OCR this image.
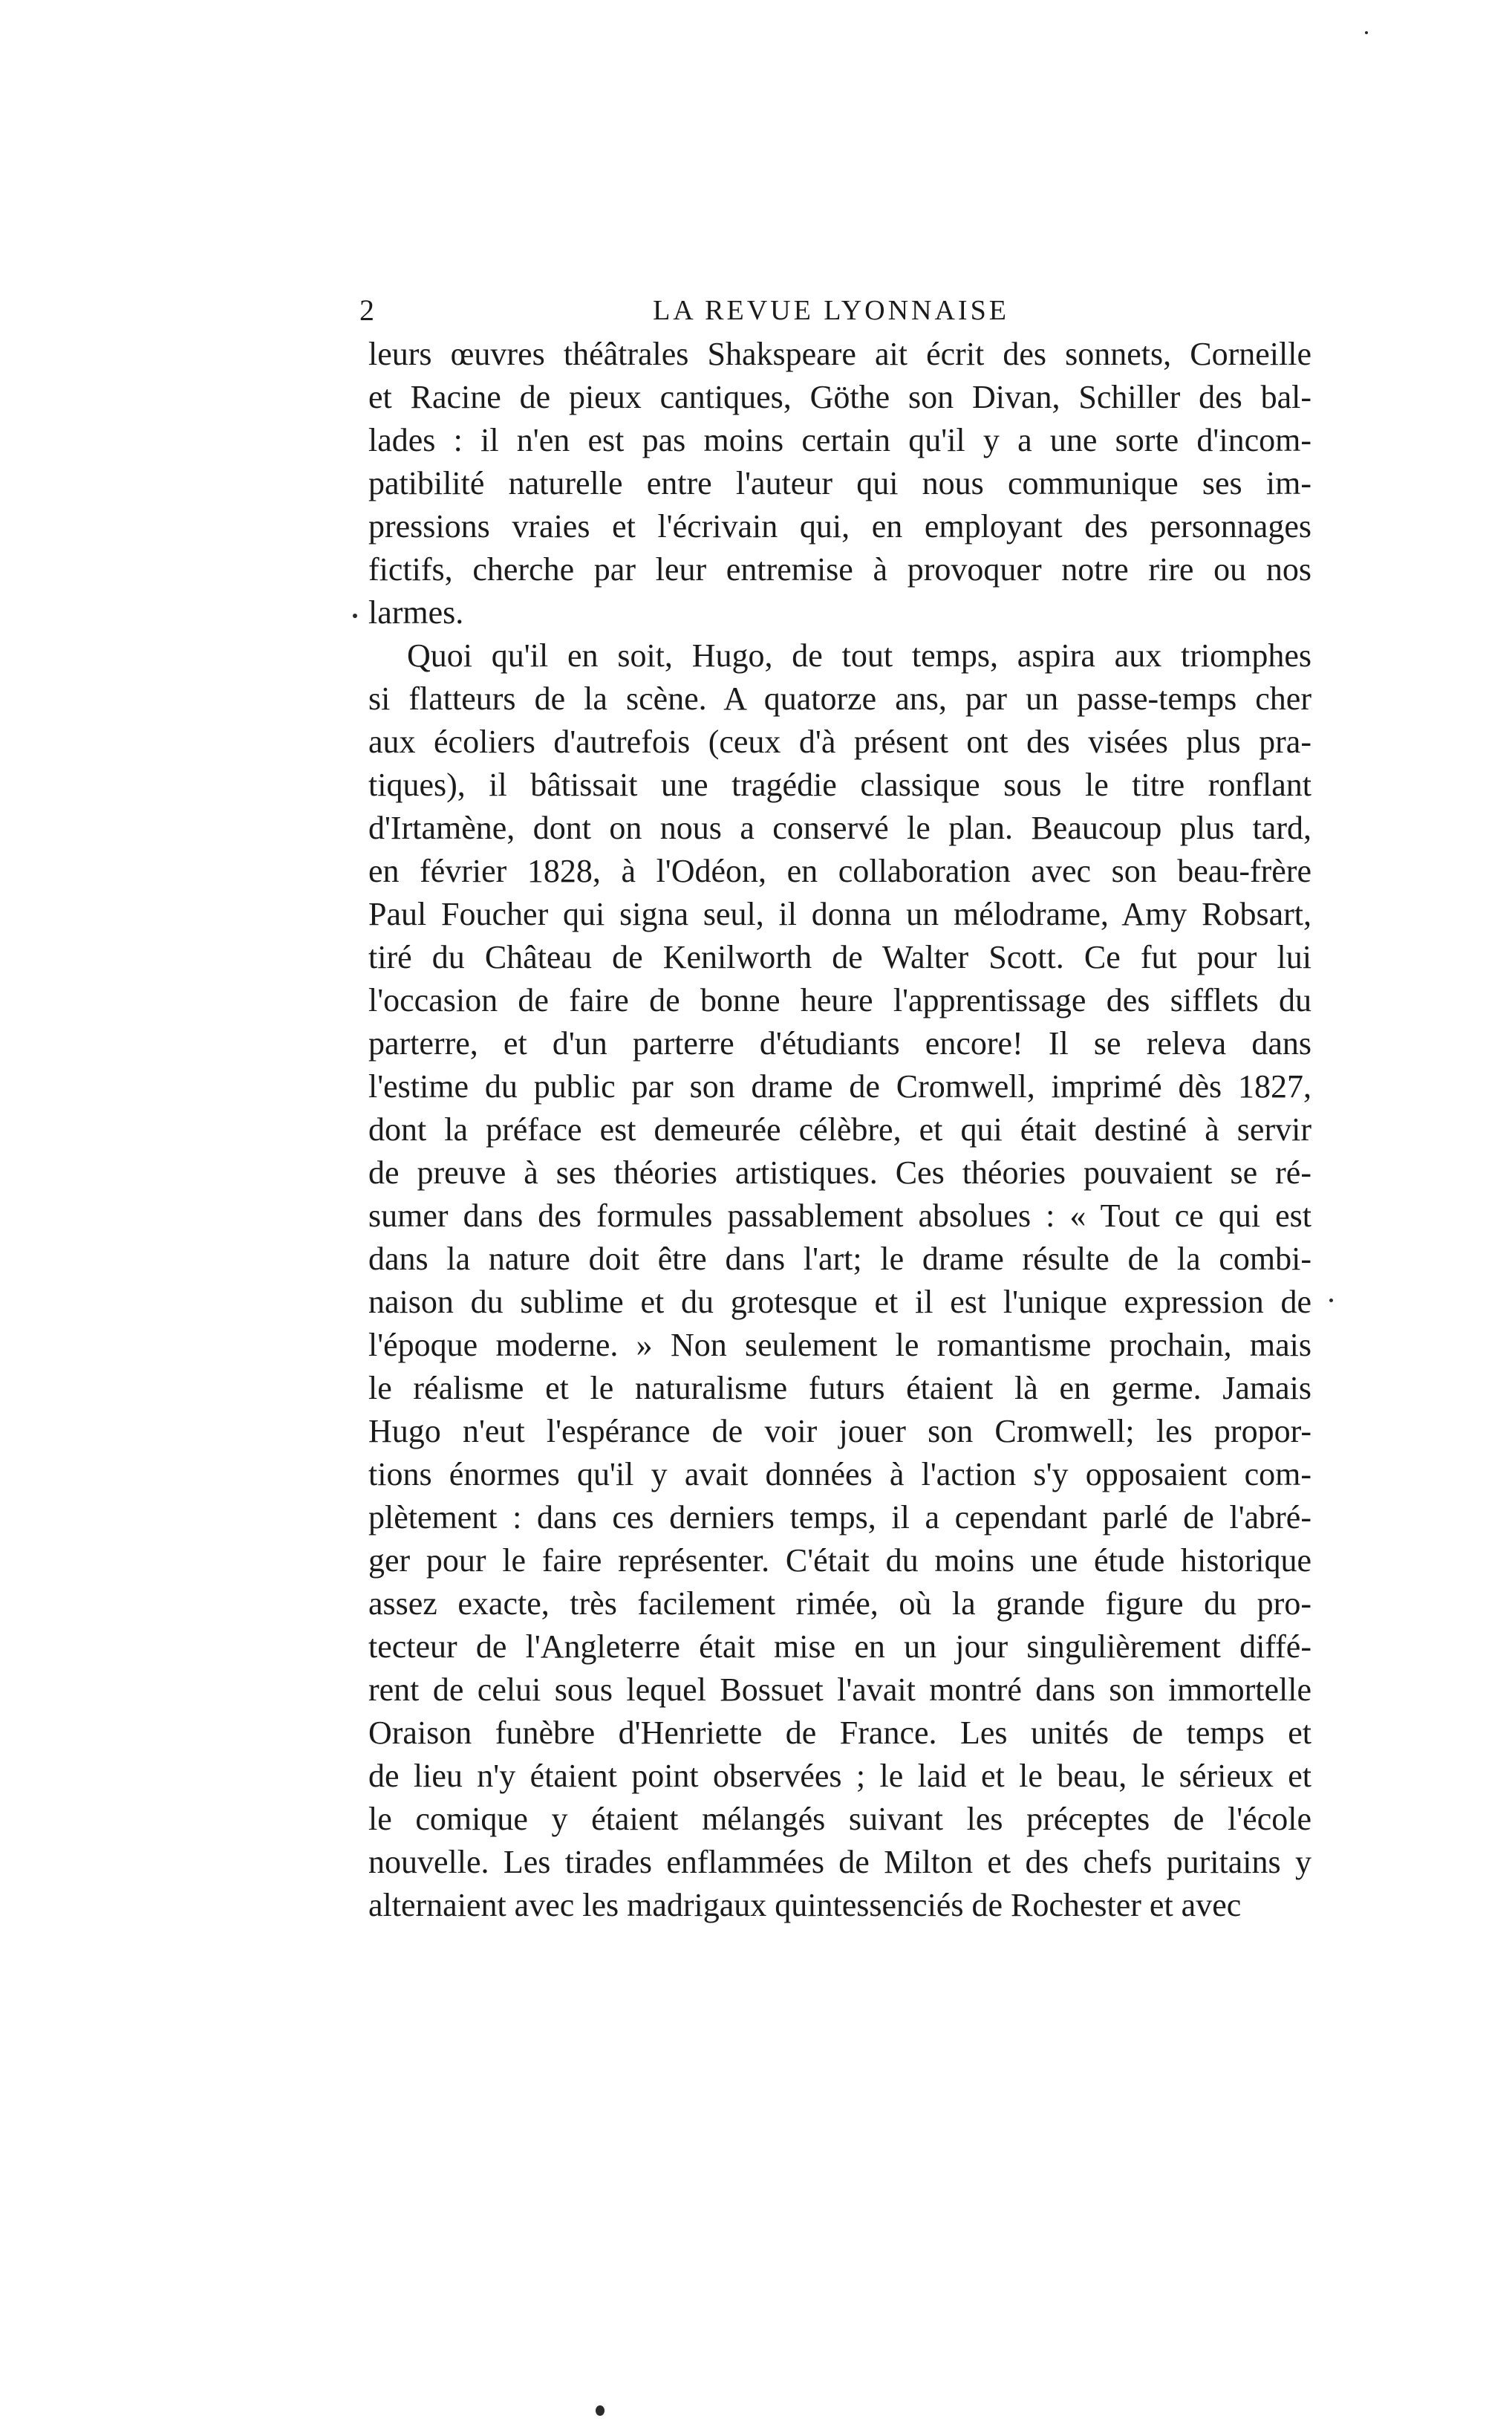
2	LA REVUE LYONNAISE
leurs œuvres théâtrales Shakspeare ait écrit des sonnets, Corneille
et Racine de pieux cantiques, Göthe son Divan, Schiller des bal-
lades : il n'en est pas moins certain qu'il y a une sorte d'incom-
patibilité naturelle entre l'auteur qui nous communique ses im-
pressions vraies et l'écrivain qui, en employant des personnages
fictifs, cherche par leur entremise à provoquer notre rire ou nos
larmes.
Quoi qu'il en soit, Hugo, de tout temps, aspira aux triomphes
si flatteurs de la scène. A quatorze ans, par un passe-temps cher
aux écoliers d'autrefois (ceux d'à présent ont des visées plus pra-
tiques), il bâtissait une tragédie classique sous le titre ronflant
d'Irtamène, dont on nous a conservé le plan. Beaucoup plus tard,
en février 1828, à l'Odéon, en collaboration avec son beau-frère
Paul Foucher qui signa seul, il donna un mélodrame, Amy Robsart,
tiré du Château de Kenilworth de Walter Scott. Ce fut pour lui
l'occasion de faire de bonne heure l'apprentissage des sifflets du
parterre, et d'un parterre d'étudiants encore! Il se releva dans
l'estime du public par son drame de Cromwell, imprimé dès 1827,
dont la préface est demeurée célèbre, et qui était destiné à servir
de preuve à ses théories artistiques. Ces théories pouvaient se ré-
sumer dans des formules passablement absolues : « Tout ce qui est
dans la nature doit être dans l'art; le drame résulte de la combi-
naison du sublime et du grotesque et il est l'unique expression de
l'époque moderne. » Non seulement le romantisme prochain, mais
le réalisme et le naturalisme futurs étaient là en germe. Jamais
Hugo n'eut l'espérance de voir jouer son Cromwell; les propor-
tions énormes qu'il y avait données à l'action s'y opposaient com-
plètement : dans ces derniers temps, il a cependant parlé de l'abré-
ger pour le faire représenter. C'était du moins une étude historique
assez exacte, très facilement rimée, où la grande figure du pro-
tecteur de l'Angleterre était mise en un jour singulièrement diffé-
rent de celui sous lequel Bossuet l'avait montré dans son immortelle
Oraison funèbre d'Henriette de France. Les unités de temps et
de lieu n'y étaient point observées ; le laid et le beau, le sérieux et
le comique y étaient mélangés suivant les préceptes de l'école
nouvelle. Les tirades enflammées de Milton et des chefs puritains y
alternaient avec les madrigaux quintessenciés de Rochester et avec
